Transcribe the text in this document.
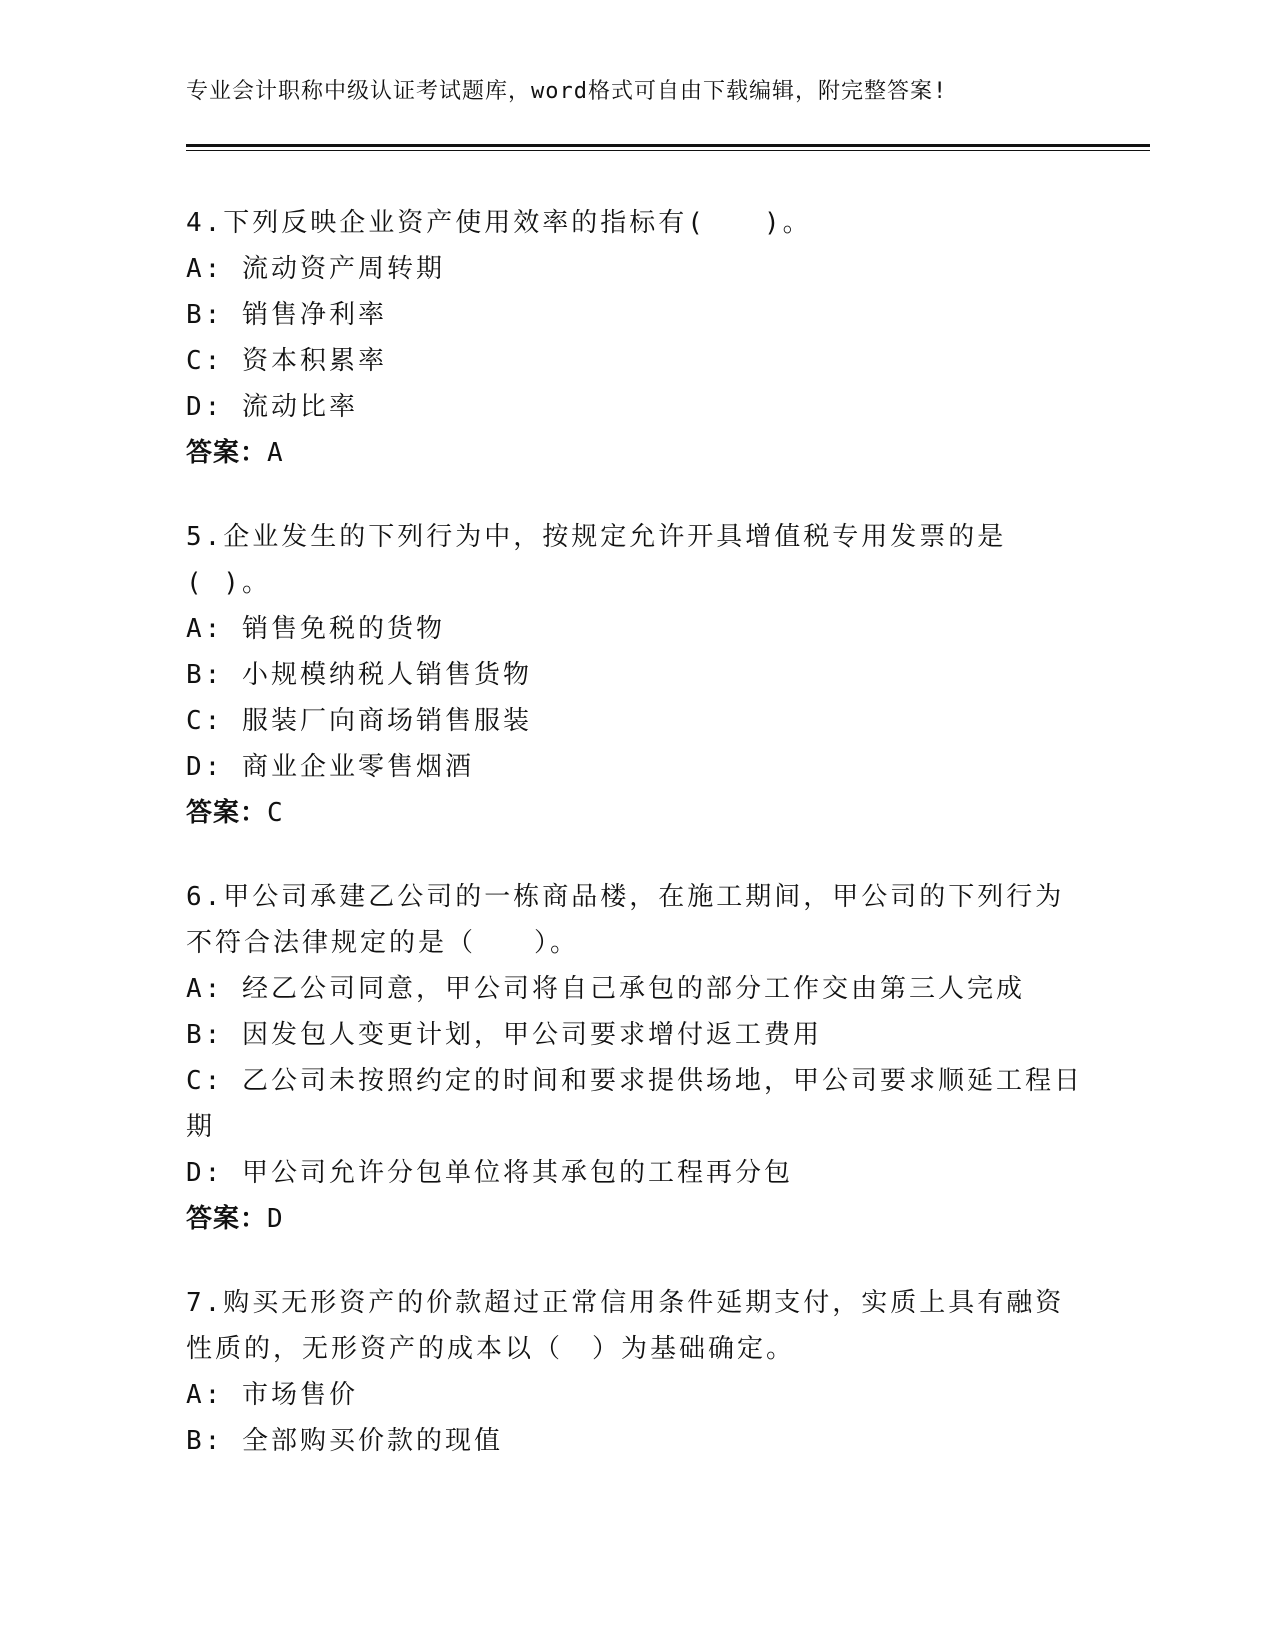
专业会计职称中级认证考试题库，word格式可自由下载编辑，附完整答案!
4.下列反映企业资产使用效率的指标有(　　)。
A: 流动资产周转期
B: 销售净利率
C: 资本积累率
D: 流动比率
答案：A
5.企业发生的下列行为中，按规定允许开具增值税专用发票的是( )。
A: 销售免税的货物
B: 小规模纳税人销售货物
C: 服装厂向商场销售服装
D: 商业企业零售烟酒
答案：C
6.甲公司承建乙公司的一栋商品楼，在施工期间，甲公司的下列行为不符合法律规定的是（　　）。
A: 经乙公司同意，甲公司将自己承包的部分工作交由第三人完成
B: 因发包人变更计划，甲公司要求增付返工费用
C: 乙公司未按照约定的时间和要求提供场地，甲公司要求顺延工程日期
D: 甲公司允许分包单位将其承包的工程再分包
答案：D
7.购买无形资产的价款超过正常信用条件延期支付，实质上具有融资性质的，无形资产的成本以（　）为基础确定。
A: 市场售价
B: 全部购买价款的现值
